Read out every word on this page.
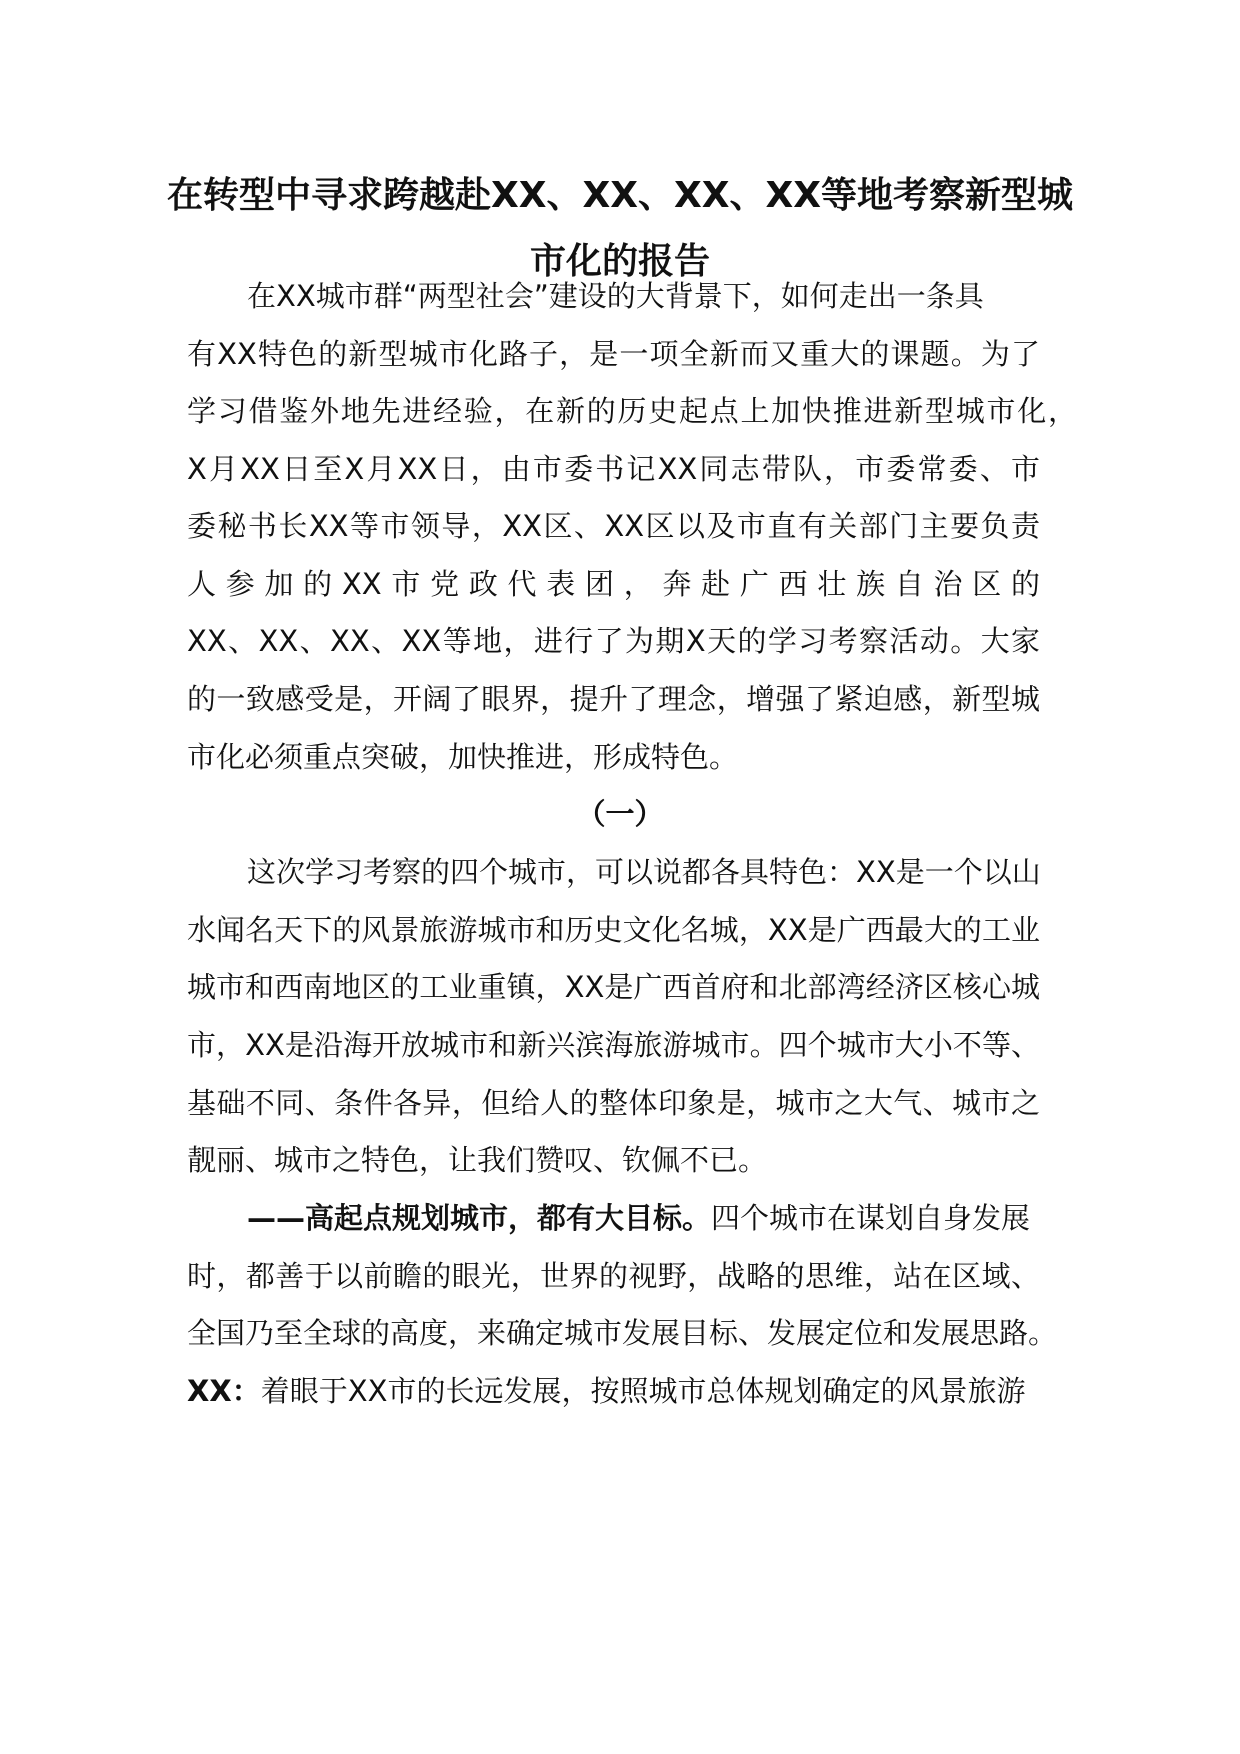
在转型中寻求跨越赴XX、XX、XX、XX等地考察新型城
市化的报告

在XX城市群“两型社会”建设的大背景下，如何走出一条具

有XX特色的新型城市化路子，是一项全新而又重大的课题。为了

学习借鉴外地先进经验，在新的历史起点上加快推进新型城市化，

X月XX日至X月XX日，由市委书记XX同志带队，市委常委、市

委秘书长XX等市领导，XX区、XX区以及市直有关部门主要负责

人参加的XX市党政代表团，奔赴广西壮族自治区的

XX、XX、XX、XX等地，进行了为期X天的学习考察活动。大家

的一致感受是，开阔了眼界，提升了理念，增强了紧迫感，新型城

市化必须重点突破，加快推进，形成特色。

（一）

这次学习考察的四个城市，可以说都各具特色：XX是一个以山

水闻名天下的风景旅游城市和历史文化名城，XX是广西最大的工业

城市和西南地区的工业重镇，XX是广西首府和北部湾经济区核心城

市，XX是沿海开放城市和新兴滨海旅游城市。四个城市大小不等、

基础不同、条件各异，但给人的整体印象是，城市之大气、城市之

靓丽、城市之特色，让我们赞叹、钦佩不已。

——高起点规划城市，都有大目标。四个城市在谋划自身发展

时，都善于以前瞻的眼光，世界的视野，战略的思维，站在区域、

全国乃至全球的高度，来确定城市发展目标、发展定位和发展思路。

XX：着眼于XX市的长远发展，按照城市总体规划确定的风景旅游
